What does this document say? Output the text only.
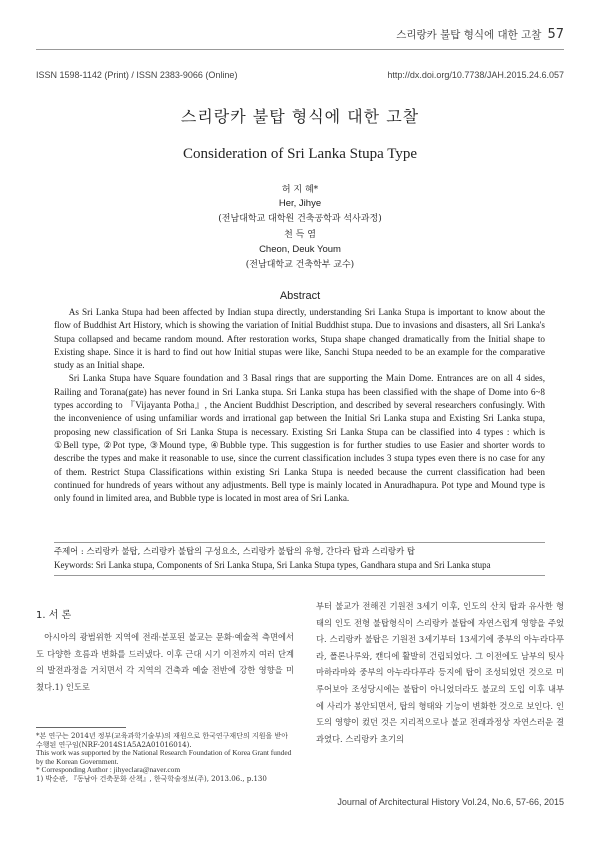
스리랑카 불탑 형식에 대한 고찰 57
ISSN 1598-1142 (Print) / ISSN 2383-9066 (Online)	http://dx.doi.org/10.7738/JAH.2015.24.6.057
스리랑카 불탑 형식에 대한 고찰
Consideration of Sri Lanka Stupa Type
허 지 혜*
Her, Jihye
(전남대학교 대학원 건축공학과 석사과정)
천 득 염
Cheon, Deuk Youm
(전남대학교 건축학부 교수)
Abstract

As Sri Lanka Stupa had been affected by Indian stupa directly, understanding Sri Lanka Stupa is important to know about the flow of Buddhist Art History, which is showing the variation of Initial Buddhist stupa. Due to invasions and disasters, all Sri Lanka's Stupa collapsed and became random mound. After restoration works, Stupa shape changed dramatically from the Initial shape to Existing shape. Since it is hard to find out how Initial stupas were like, Sanchi Stupa needed to be an example for the comparative study as an Initial shape.

Sri Lanka Stupa have Square foundation and 3 Basal rings that are supporting the Main Dome. Entrances are on all 4 sides, Railing and Torana(gate) has never found in Sri Lanka stupa. Sri Lanka stupa has been classified with the shape of Dome into 6~8 types according to 『Vijayanta Potha』, the Ancient Buddhist Description, and described by several researchers confusingly. With the inconvenience of using unfamiliar words and irrational gap between the Initial Sri Lanka stupa and Existing Sri Lanka stupa, proposing new classification of Sri Lanka Stupa is necessary. Existing Sri Lanka Stupa can be classified into 4 types : which is ①Bell type, ②Pot type, ③Mound type, ④Bubble type. This suggestion is for further studies to use Easier and shorter words to describe the types and make it reasonable to use, since the current classification includes 3 stupa types even there is no case for any of them. Restrict Stupa Classifications within existing Sri Lanka Stupa is needed because the current classification had been continued for hundreds of years without any adjustments. Bell type is mainly located in Anuradhapura. Pot type and Mound type is only found in limited area, and Bubble type is located in most area of Sri Lanka.

주제어 : 스리랑카 불탑, 스리랑카 불탑의 구성요소, 스리랑카 불탑의 유형, 간다라 탑과 스리랑카 탑
Keywords: Sri Lanka stupa, Components of Sri Lanka Stupa, Sri Lanka Stupa types, Gandhara stupa and Sri Lanka stupa
1. 서 론

아시아의 광범위한 지역에 전래·분포된 불교는 문화·예술적 측면에서도 다양한 흐름과 변화를 드러냈다. 이후 근대 시기 이전까지 여러 단계의 발전과정을 거치면서 각 지역의 건축과 예술 전반에 강한 영향을 미쳤다.1) 인도로

부터 불교가 전해진 기원전 3세기 이후, 인도의 산치 탑과 유사한 형태의 인도 전형 불탑형식이 스리랑카 불탑에 자연스럽게 영향을 주었다. 스리랑카 불탑은 기원전 3세기부터 13세기에 중부의 아누라다푸라, 폴론나루와, 캔디에 활발히 건립되었다. 그 이전에도 남부의 팃사마하라마와 중부의 아누라다푸라 등지에 탑이 조성되었던 것으로 미루어보아 조성당시에는 불탑이 아니었더라도 불교의 도입 이후 내부에 사리가 봉안되면서, 탑의 형태와 기능이 변화한 것으로 보인다. 인도의 영향이 컸던 것은 지리적으로나 불교 전래과정상 자연스러운 결과였다. 스리랑카 초기의

*본 연구는 2014년 정부(교육과학기술부)의 재원으로 한국연구재단의 지원을 받아 수행된 연구임(NRF-2014S1A5A2A01016014).
This work was supported by the National Research Foundation of Korea Grant funded by the Korean Government.
* Corresponding Author : jihyeclara@naver.com
1) 박순관, 『동남아 건축문화 산책』, 한국학술정보(주), 2013.06., p.130
Journal of Architectural History Vol.24, No.6, 57-66, 2015
